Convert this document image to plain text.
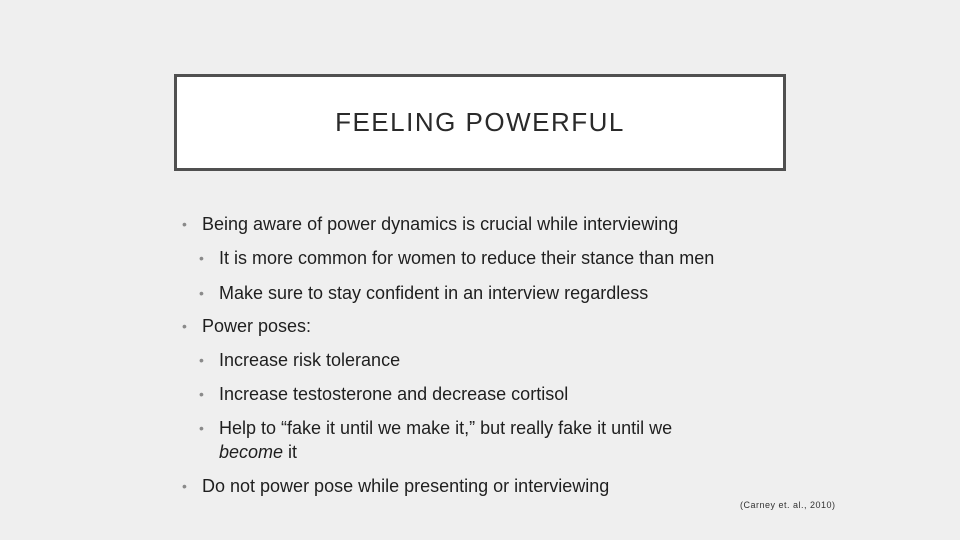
FEELING POWERFUL
• Being aware of power dynamics is crucial while interviewing
• It is more common for women to reduce their stance than men
• Make sure to stay confident in an interview regardless
• Power poses:
• Increase risk tolerance
• Increase testosterone and decrease cortisol
• Help to “fake it until we make it,” but really fake it until we
become it
• Do not power pose while presenting or interviewing
(Carney et. al., 2010)
